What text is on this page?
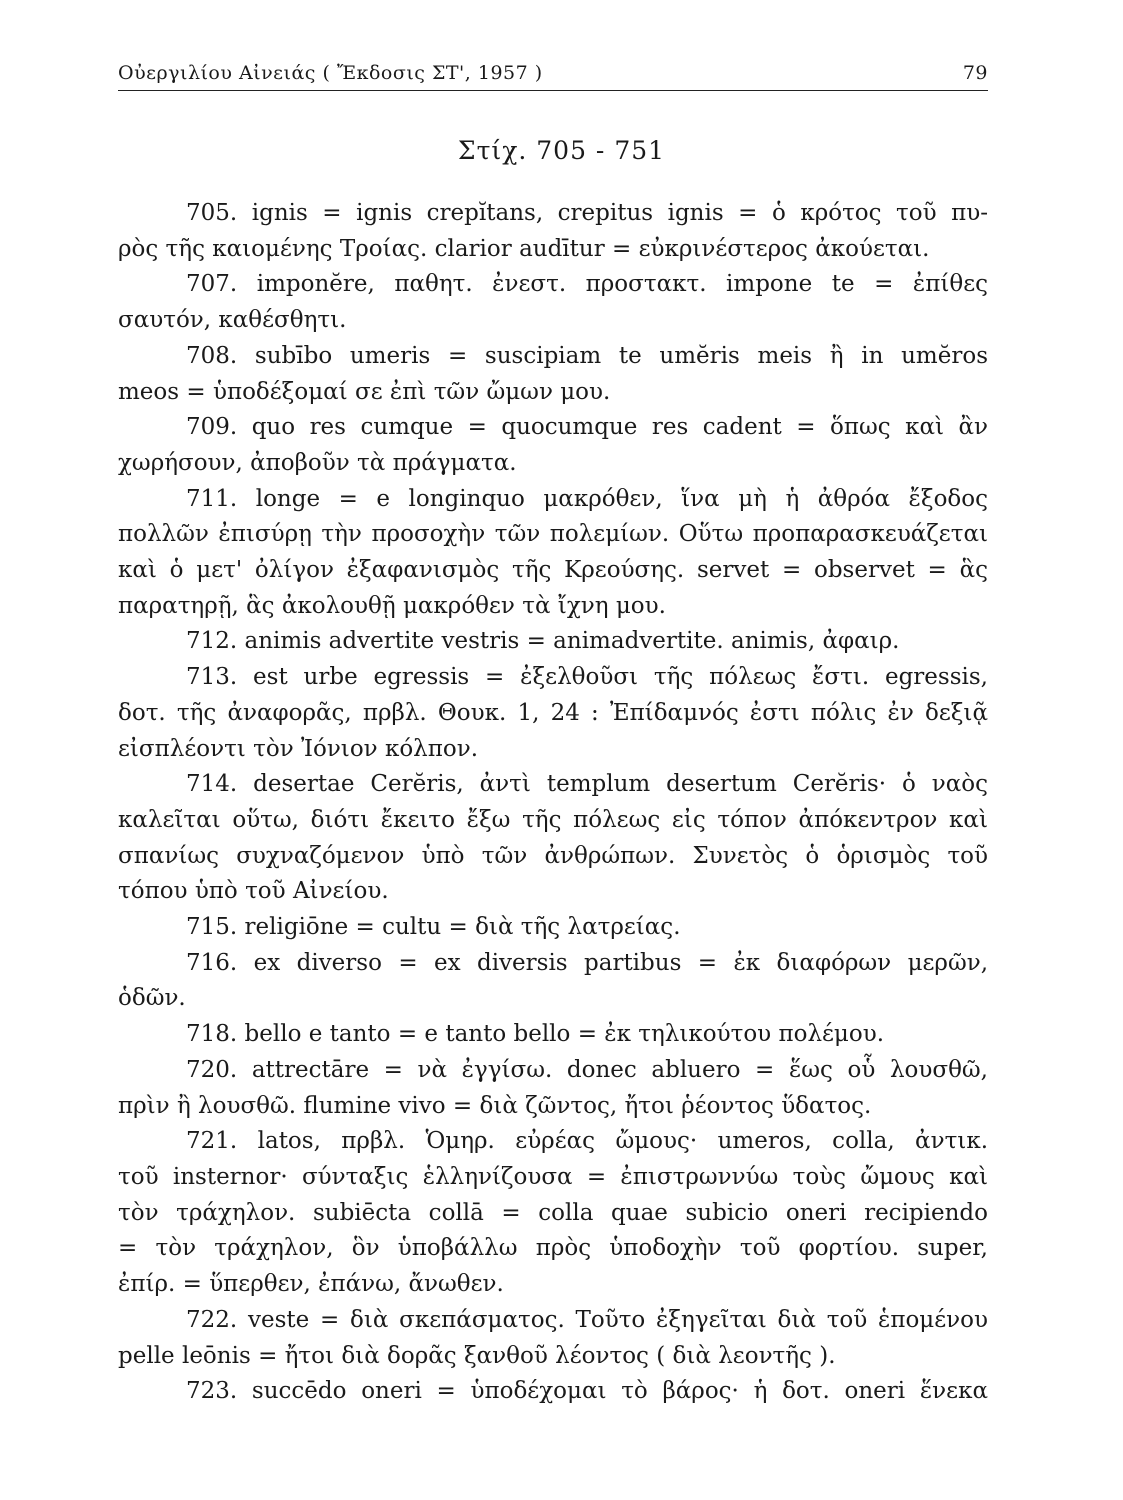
Οὐεργιλίου Αἰνειάς ( Ἔκδοσις ΣΤ', 1957 )	79
Στίχ. 705 - 751
705. ignis = ignis crepĭtans, crepitus ignis = ὁ κρότος τοῦ πυ-
ρὸς τῆς καιομένης Τροίας. clarior audītur = εὐκρινέστερος ἀκούεται.
707. imponĕre, παθητ. ἐνεστ. προστακτ. impone te = ἐπίθες
σαυτόν, καθέσθητι.
708. subībo umeris = suscipiam te umĕris meis ἢ in umĕros
meos = ὑποδέξομαί σε ἐπὶ τῶν ὤμων μου.
709. quo res cumque = quocumque res cadent = ὅπως καὶ ἂν
χωρήσουν, ἀποβοῦν τὰ πράγματα.
711. longe = e longinquo μακρόθεν, ἵνα μὴ ἡ ἀθρόα ἔξοδος
πολλῶν ἐπισύρῃ τὴν προσοχὴν τῶν πολεμίων. Οὕτω προπαρασκευάζεται
καὶ ὁ μετ' ὀλίγον ἐξαφανισμὸς τῆς Κρεούσης. servet = observet = ἃς
παρατηρῇ, ἃς ἀκολουθῇ μακρόθεν τὰ ἴχνη μου.
712. animis advertite vestris = animadvertite. animis, ἀφαιρ.
713. est urbe egressis = ἐξελθοῦσι τῆς πόλεως ἔστι. egressis,
δοτ. τῆς ἀναφορᾶς, πρβλ. Θουκ. 1, 24 : Ἐπίδαμνός ἐστι πόλις ἐν δεξιᾷ
εἰσπλέοντι τὸν Ἰόνιον κόλπον.
714. desertae Cerĕris, ἀντὶ templum desertum Cerĕris· ὁ ναὸς
καλεῖται οὕτω, διότι ἔκειτο ἔξω τῆς πόλεως εἰς τόπον ἀπόκεντρον καὶ
σπανίως συχναζόμενον ὑπὸ τῶν ἀνθρώπων. Συνετὸς ὁ ὁρισμὸς τοῦ
τόπου ὑπὸ τοῦ Αἰνείου.
715. religiōne = cultu = διὰ τῆς λατρείας.
716. ex diverso = ex diversis partibus = ἐκ διαφόρων μερῶν,
ὁδῶν.
718. bello e tanto = e tanto bello = ἐκ τηλικούτου πολέμου.
720. attrectāre = νὰ ἐγγίσω. donec abluero = ἕως οὗ λουσθῶ,
πρὶν ἢ λουσθῶ. flumine vivo = διὰ ζῶντος, ἤτοι ῥέοντος ὕδατος.
721. latos, πρβλ. Ὁμηρ. εὐρέας ὤμους· umeros, colla, ἀντικ.
τοῦ insternor· σύνταξις ἑλληνίζουσα = ἐπιστρωννύω τοὺς ὤμους καὶ
τὸν τράχηλον. subiēcta collā = colla quae subicio oneri recipiendo
= τὸν τράχηλον, ὃν ὑποβάλλω πρὸς ὑποδοχὴν τοῦ φορτίου. super,
ἐπίρ. = ὕπερθεν, ἐπάνω, ἄνωθεν.
722. veste = διὰ σκεπάσματος. Τοῦτο ἐξηγεῖται διὰ τοῦ ἑπομένου
pelle leōnis = ἤτοι διὰ δορᾶς ξανθοῦ λέοντος ( διὰ λεοντῆς ).
723. succēdo oneri = ὑποδέχομαι τὸ βάρος· ἡ δοτ. oneri ἕνεκα
